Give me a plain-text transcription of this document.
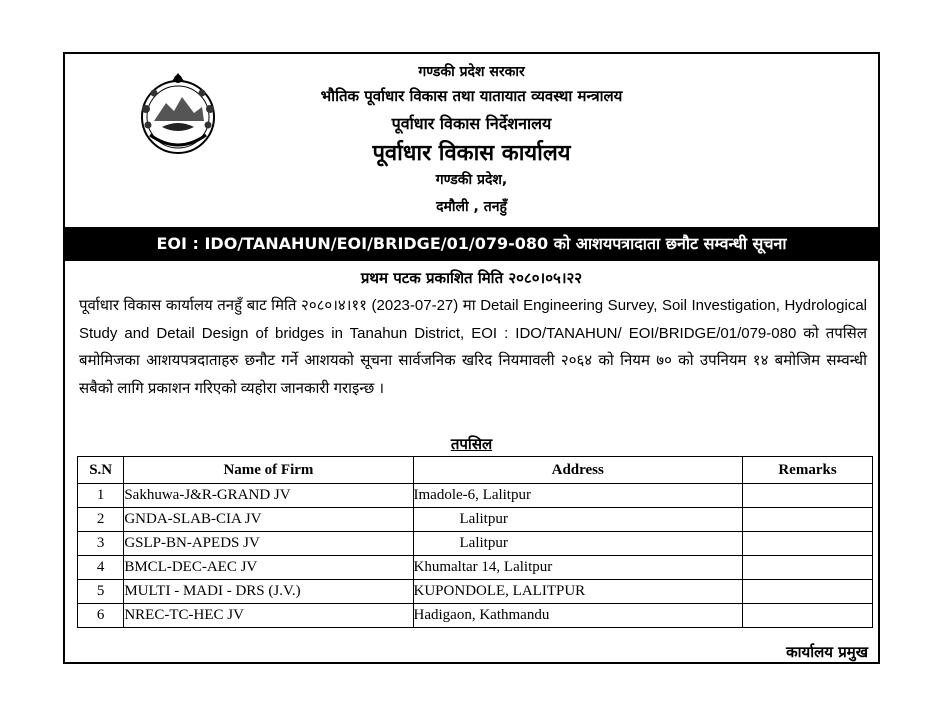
गण्डकी प्रदेश सरकार
भौतिक पूर्वाधार विकास तथा यातायात व्यवस्था मन्त्रालय
पूर्वाधार विकास निर्देशनालय
पूर्वाधार विकास कार्यालय
गण्डकी प्रदेश,
दमौली , तनहुँ
EOI : IDO/TANAHUN/EOI/BRIDGE/01/079-080 को आशयपत्रादाता छनौट सम्वन्धी सूचना
प्रथम पटक प्रकाशित मिति २०८०।०५।२२
पूर्वाधार विकास कार्यालय तनहुँ बाट मिति २०८०।४।११ (2023-07-27) मा Detail Engineering Survey, Soil Investigation, Hydrological Study and Detail Design of bridges in Tanahun District, EOI : IDO/TANAHUN/ EOI/BRIDGE/01/079-080 को तपसिल बमोमिजका आशयपत्रदाताहरु छनौट गर्ने आशयको सूचना सार्वजनिक खरिद नियमावली २०६४ को नियम ७० को उपनियम १४ बमोजिम सम्वन्धी सबैको लागि प्रकाशन गरिएको व्यहोरा जानकारी गराइन्छ ।
तपसिल
S.N	Name of Firm	Address	Remarks
1	Sakhuwa-J&R-GRAND JV	Imadole-6, Lalitpur	
2	GNDA-SLAB-CIA JV	Lalitpur	
3	GSLP-BN-APEDS JV	Lalitpur	
4	BMCL-DEC-AEC JV	Khumaltar 14, Lalitpur	
5	MULTI - MADI - DRS (J.V.)	KUPONDOLE, LALITPUR	
6	NREC-TC-HEC JV	Hadigaon, Kathmandu	
कार्यालय प्रमुख
